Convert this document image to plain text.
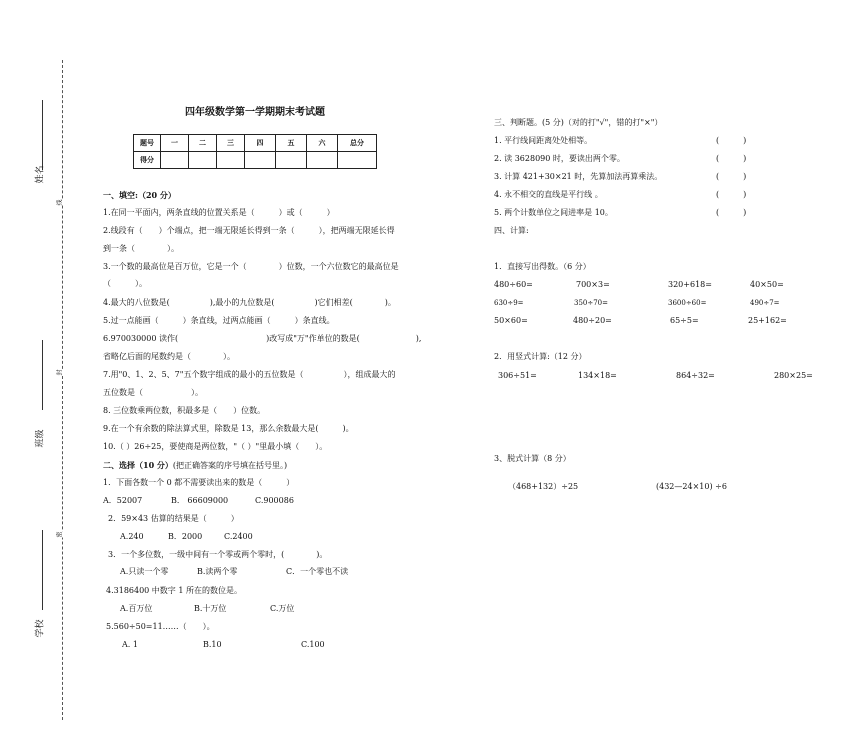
姓名
班级
学校
线
封
密
四年级数学第一学期期末考试题
题号	一	二	三	四	五	六	总分
得分							
一、填空:（20 分）
1.在同一平面内，两条直线的位置关系是（　　　）或（　　　）
2.线段有（　　）个端点，把一端无限延长得到一条（　　　），把两端无限延长得
到一条（　　　　）。
3.一个数的最高位是百万位，它是一个（　　　　）位数，一个六位数它的最高位是
（　　　）。
4.最大的八位数是(　　　　　),最小的九位数是(　　　　　)它们相差(　　　　)。
5.过一点能画（　　　）条直线，过两点能画（　　　）条直线。
6.970030000 读作(　　　　　　　　　　　)改写成"万"作单位的数是(　　　　　　　),
省略亿后面的尾数约是（　　　　）。
7.用"0、1、2、5、7"五个数字组成的最小的五位数是（　　　　　），组成最大的
五位数是（　　　　　　）。
8. 三位数乘两位数，积最多是（　　）位数。
9.在一个有余数的除法算式里，除数是 13，那么余数最大是(　　　)。
10.（ ）26÷25，要使商是两位数，"（ ）"里最小填（　　）。
二、选择（10 分）(把正确答案的序号填在括号里。)
1．下面各数一个 0 都不需要读出来的数是（　　　）
A．52007	B． 66609000	C.900086
2．59×43 估算的结果是（　　　）
A.240	B．2000	C.2400
3．一个多位数，一级中间有一个零或两个零时，(　　　　)。
A.只读一个零	B.读两个零	C．一个零也不读
4.3186400 中数字 1 所在的数位是。
A.百万位	B.十万位	C.万位
5.560÷50=11……（　　）。
A. 1	B.10	C.100
三、判断题。(5 分)（对的打"√"，错的打"×"）
1. 平行线间距离处处相等。	(　　　)
2. 读 3628090 时，要读出两个零。	(　　　)
3. 计算 421+30×21 时，先算加法再算乘法。	(　　　)
4. 永不相交的直线是平行线 。	(　　　)
5. 两个计数单位之间进率是 10。	(　　　)
四、计算:
1．直接写出得数。（6 分）
480÷60=	700×3=	320+618=	40×50=
630÷9=	350÷70=	3600÷60=	490÷7=
50×60=	480÷20=	65÷5=	25+162=
2．用竖式计算:（12 分）
306÷51=	134×18=	864÷32=	280×25=
3、脱式计算（8 分）
（468+132）÷25	(432—24×10) ÷6
